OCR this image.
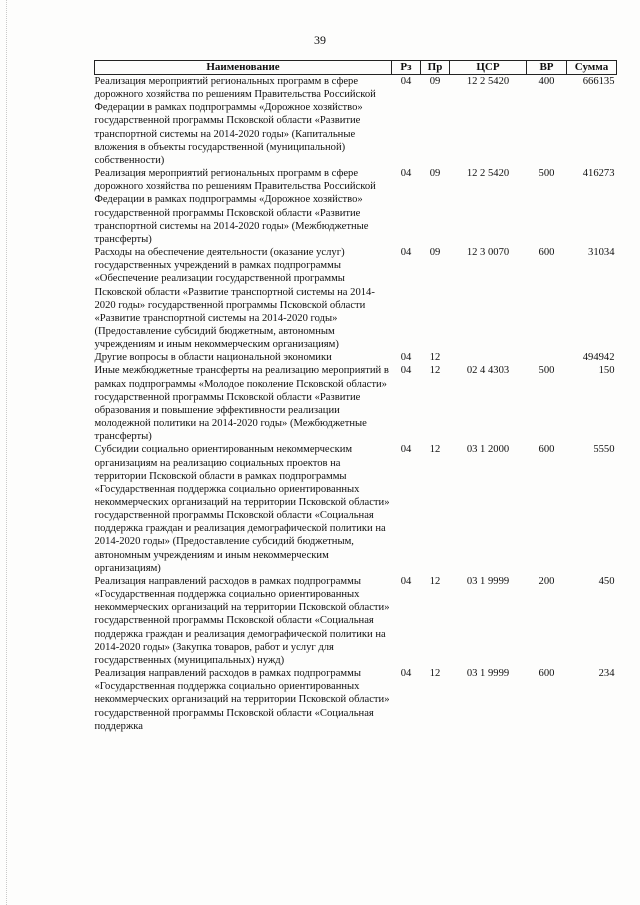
39
Наименование	Рз	Пр	ЦСР	ВР	Сумма
Реализация мероприятий региональных программ в сфере дорожного хозяйства по решениям Правительства Российской Федерации в рамках подпрограммы «Дорожное хозяйство» государственной программы Псковской области «Развитие транспортной системы на 2014-2020 годы» (Капитальные вложения в объекты государственной (муниципальной) собственности)	04	09	12 2 5420	400	666135
Реализация мероприятий региональных программ в сфере дорожного хозяйства по решениям Правительства Российской Федерации в рамках подпрограммы «Дорожное хозяйство» государственной программы Псковской области «Развитие транспортной системы на 2014-2020 годы» (Межбюджетные трансферты)	04	09	12 2 5420	500	416273
Расходы на обеспечение деятельности (оказание услуг) государственных учреждений в рамках подпрограммы «Обеспечение реализации государственной программы Псковской области «Развитие транспортной системы на 2014-2020 годы» государственной программы Псковской области «Развитие транспортной системы на 2014-2020 годы» (Предоставление субсидий бюджетным, автономным учреждениям и иным некоммерческим организациям)	04	09	12 3 0070	600	31034
Другие вопросы в области национальной экономики	04	12			494942
Иные межбюджетные трансферты на реализацию мероприятий в рамках подпрограммы «Молодое поколение Псковской области» государственной программы Псковской области «Развитие образования и повышение эффективности реализации молодежной политики на 2014-2020 годы» (Межбюджетные трансферты)	04	12	02 4 4303	500	150
Субсидии социально ориентированным некоммерческим организациям на реализацию социальных проектов на территории Псковской области в рамках подпрограммы «Государственная поддержка социально ориентированных некоммерческих организаций на территории Псковской области» государственной программы Псковской области «Социальная поддержка граждан и реализация демографической политики на 2014-2020 годы» (Предоставление субсидий бюджетным, автономным учреждениям и иным некоммерческим организациям)	04	12	03 1 2000	600	5550
Реализация направлений расходов в рамках подпрограммы «Государственная поддержка социально ориентированных некоммерческих организаций на территории Псковской области» государственной программы Псковской области «Социальная поддержка граждан и реализация демографической политики на 2014-2020 годы» (Закупка товаров, работ и услуг для государственных (муниципальных) нужд)	04	12	03 1 9999	200	450
Реализация направлений расходов в рамках подпрограммы «Государственная поддержка социально ориентированных некоммерческих организаций на территории Псковской области» государственной программы Псковской области «Социальная поддержка	04	12	03 1 9999	600	234
